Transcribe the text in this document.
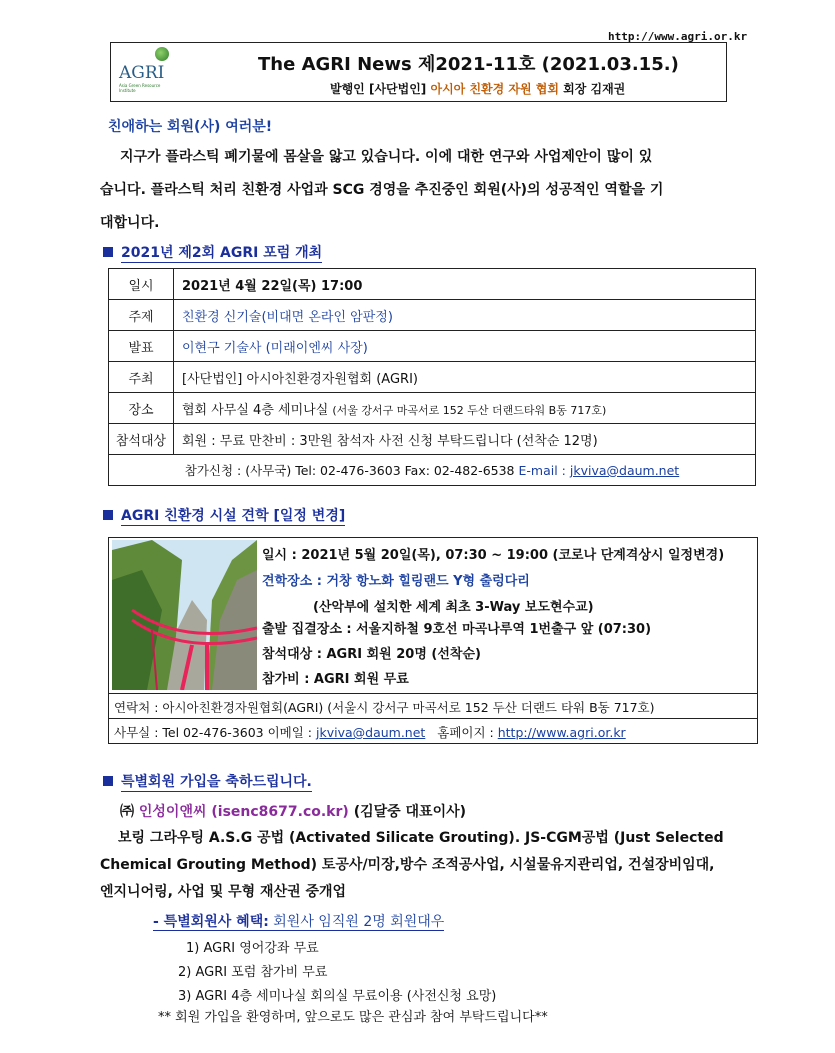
http://www.agri.or.kr
AGRI
Asia Green Resource Institute
The AGRI News 제2021-11호 (2021.03.15.)
발행인 [사단법인] 아시아 친환경 자원 협회 회장 김재권
친애하는 회원(사) 여러분!
지구가 플라스틱 폐기물에 몸살을 앓고 있습니다. 이에 대한 연구와 사업제안이 많이 있
습니다. 플라스틱 처리 친환경 사업과 SCG 경영을 추진중인 회원(사)의 성공적인 역할을 기
대합니다.
2021년 제2회 AGRI 포럼 개최
일시	2021년 4월 22일(목) 17:00
주제	친환경 신기술(비대면 온라인 암판정)
발표	이현구 기술사 (미래이엔씨 사장)
주최	[사단법인] 아시아친환경자원협회 (AGRI)
장소	협회 사무실 4층 세미나실 (서울 강서구 마곡서로 152 두산 더랜드타워 B동 717호)
참석대상	회원 : 무료 만찬비 : 3만원 참석자 사전 신청 부탁드립니다 (선착순 12명)
참가신청 : (사무국) Tel: 02-476-3603 Fax: 02-482-6538 E-mail : jkviva@daum.net	
AGRI 친환경 시설 견학 [일정 변경]
일시 : 2021년 5월 20일(목), 07:30 ~ 19:00 (코로나 단계격상시 일정변경)
견학장소 : 거창 항노화 힐링랜드 Y형 출렁다리
(산악부에 설치한 세계 최초 3-Way 보도현수교)
출발 집결장소 : 서울지하철 9호선 마곡나루역 1번출구 앞 (07:30)
참석대상 : AGRI 회원 20명 (선착순)
참가비 : AGRI 회원 무료
연락처 : 아시아친환경자원협회(AGRI) (서울시 강서구 마곡서로 152 두산 더랜드 타워 B동 717호)
사무실 : Tel 02-476-3603 이메일 : jkviva@daum.net 홈페이지 : http://www.agri.or.kr
특별회원 가입을 축하드립니다.
㈜ 인성이앤씨 (isenc8677.co.kr) (김달중 대표이사)
보링 그라우팅 A.S.G 공법 (Activated Silicate Grouting). JS-CGM공법 (Just Selected
Chemical Grouting Method) 토공사/미장,방수 조적공사업, 시설물유지관리업, 건설장비임대,
엔지니어링, 사업 및 무형 재산권 중개업
- 특별회원사 혜택: 회원사 임직원 2명 회원대우
1) AGRI 영어강좌 무료
2) AGRI 포럼 참가비 무료
3) AGRI 4층 세미나실 회의실 무료이용 (사전신청 요망)
** 회원 가입을 환영하며, 앞으로도 많은 관심과 참여 부탁드립니다**
